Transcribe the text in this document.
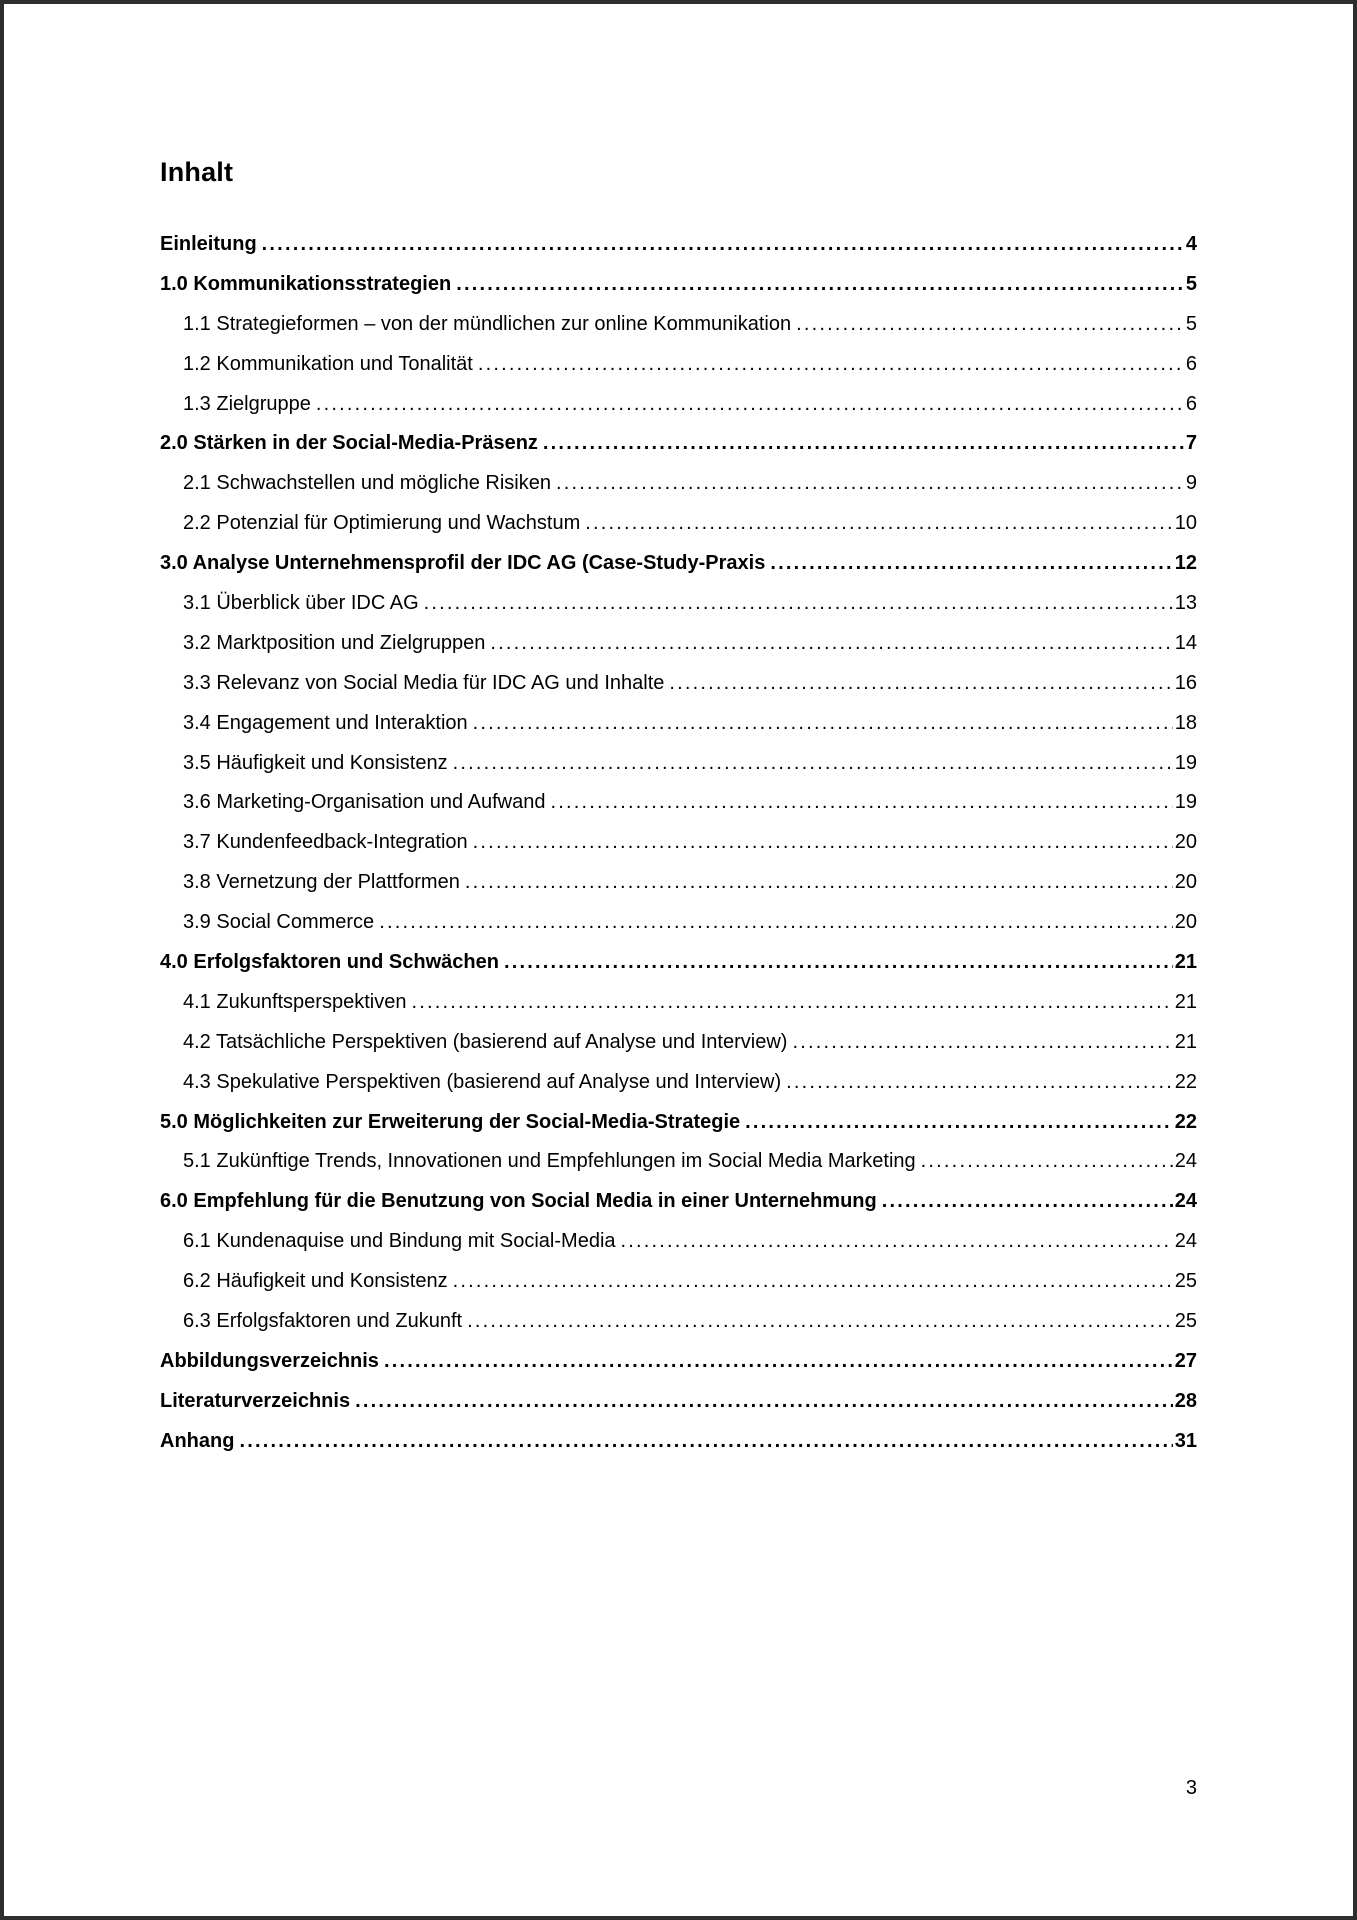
Inhalt
Einleitung .....	4
1.0 Kommunikationsstrategien .....	5
1.1 Strategieformen – von der mündlichen zur online Kommunikation .....	5
1.2 Kommunikation und Tonalität .....	6
1.3 Zielgruppe .....	6
2.0 Stärken in der Social-Media-Präsenz .....	7
2.1 Schwachstellen und mögliche Risiken .....	9
2.2 Potenzial für Optimierung und Wachstum .....	10
3.0 Analyse Unternehmensprofil der IDC AG (Case-Study-Praxis .....	12
3.1 Überblick über IDC AG .....	13
3.2 Marktposition und Zielgruppen .....	14
3.3 Relevanz von Social Media für IDC AG und Inhalte .....	16
3.4 Engagement und Interaktion .....	18
3.5 Häufigkeit und Konsistenz .....	19
3.6 Marketing-Organisation und Aufwand .....	19
3.7 Kundenfeedback-Integration .....	20
3.8 Vernetzung der Plattformen .....	20
3.9 Social Commerce .....	20
4.0 Erfolgsfaktoren und Schwächen .....	21
4.1 Zukunftsperspektiven .....	21
4.2 Tatsächliche Perspektiven (basierend auf Analyse und Interview) .....	21
4.3 Spekulative Perspektiven (basierend auf Analyse und Interview) .....	22
5.0 Möglichkeiten zur Erweiterung der Social-Media-Strategie .....	22
5.1 Zukünftige Trends, Innovationen und Empfehlungen im Social Media Marketing .....	24
6.0 Empfehlung für die Benutzung von Social Media in einer Unternehmung .....	24
6.1 Kundenaquise und Bindung mit Social-Media .....	24
6.2 Häufigkeit und Konsistenz .....	25
6.3 Erfolgsfaktoren und Zukunft .....	25
Abbildungsverzeichnis .....	27
Literaturverzeichnis .....	28
Anhang .....	31
3
